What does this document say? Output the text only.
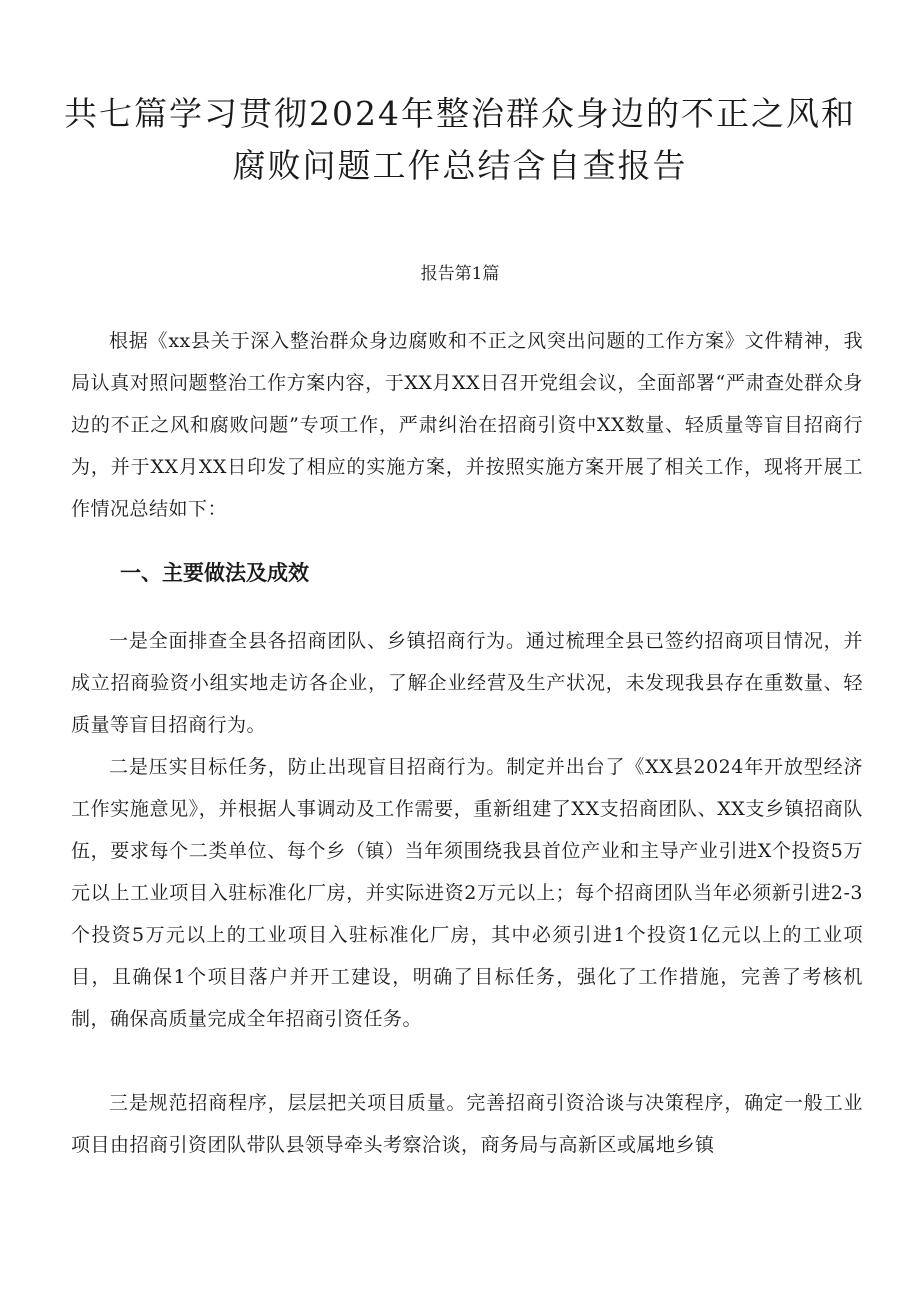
共七篇学习贯彻2024年整治群众身边的不正之风和腐败问题工作总结含自查报告

报告第1篇

根据《xx县关于深入整治群众身边腐败和不正之风突出问题的工作方案》文件精神，我局认真对照问题整治工作方案内容，于XX月XX日召开党组会议，全面部署“严肃查处群众身边的不正之风和腐败问题”专项工作，严肃纠治在招商引资中XX数量、轻质量等盲目招商行为，并于XX月XX日印发了相应的实施方案，并按照实施方案开展了相关工作，现将开展工作情况总结如下：

一、主要做法及成效

一是全面排查全县各招商团队、乡镇招商行为。通过梳理全县已签约招商项目情况，并成立招商验资小组实地走访各企业，了解企业经营及生产状况，未发现我县存在重数量、轻质量等盲目招商行为。

二是压实目标任务，防止出现盲目招商行为。制定并出台了《XX县2024年开放型经济工作实施意见》，并根据人事调动及工作需要，重新组建了XX支招商团队、XX支乡镇招商队伍，要求每个二类单位、每个乡（镇）当年须围绕我县首位产业和主导产业引进X个投资5万元以上工业项目入驻标准化厂房，并实际进资2万元以上；每个招商团队当年必须新引进2-3个投资5万元以上的工业项目入驻标准化厂房，其中必须引进1个投资1亿元以上的工业项目，且确保1个项目落户并开工建设，明确了目标任务，强化了工作措施，完善了考核机制，确保高质量完成全年招商引资任务。

三是规范招商程序，层层把关项目质量。完善招商引资洽谈与决策程序，确定一般工业项目由招商引资团队带队县领导牵头考察洽谈，商务局与高新区或属地乡镇
